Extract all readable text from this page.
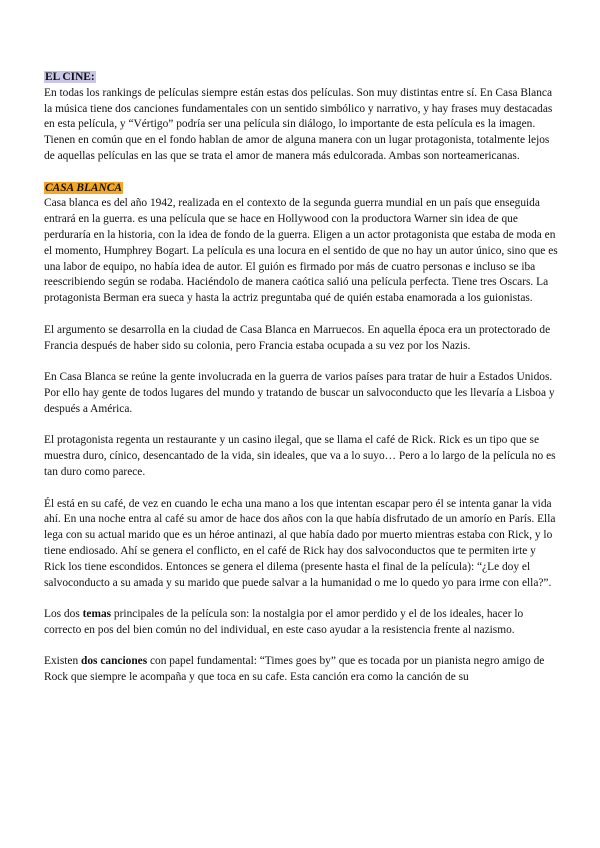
EL CINE:

En todas los rankings de películas siempre están estas dos películas. Son muy distintas entre sí. En Casa Blanca la música tiene dos canciones fundamentales con un sentido simbólico y narrativo, y hay frases muy destacadas en esta película, y “Vértigo” podría ser una película sin diálogo, lo importante de esta película es la imagen.

Tienen en común que en el fondo hablan de amor de alguna manera con un lugar protagonista, totalmente lejos de aquellas películas en las que se trata el amor de manera más edulcorada. Ambas son norteamericanas.

CASA BLANCA

Casa blanca es del año 1942, realizada en el contexto de la segunda guerra mundial en un país que enseguida entrará en la guerra. es una película que se hace en Hollywood con la productora Warner sin idea de que perduraría en la historia, con la idea de fondo de la guerra. Eligen a un actor protagonista que estaba de moda en el momento, Humphrey Bogart. La película es una locura en el sentido de que no hay un autor único, sino que es una labor de equipo, no había idea de autor. El guión es firmado por más de cuatro personas e incluso se iba reescribiendo según se rodaba. Haciéndolo de manera caótica salió una película perfecta. Tiene tres Oscars. La protagonista Berman era sueca y hasta la actriz preguntaba qué de quién estaba enamorada a los guionistas.

El argumento se desarrolla en la ciudad de Casa Blanca en Marruecos. En aquella época era un protectorado de Francia después de haber sido su colonia, pero Francia estaba ocupada a su vez por los Nazis.

En Casa Blanca se reúne la gente involucrada en la guerra de varios países para tratar de huir a Estados Unidos. Por ello hay gente de todos lugares del mundo y tratando de buscar un salvoconducto que les llevaría a Lisboa y después a América.

El protagonista regenta un restaurante y un casino ilegal, que se llama el café de Rick. Rick es un tipo que se muestra duro, cínico, desencantado de la vida, sin ideales, que va a lo suyo… Pero a lo largo de la película no es tan duro como parece.

Él está en su café, de vez en cuando le echa una mano a los que intentan escapar pero él se intenta ganar la vida ahí. En una noche entra al café su amor de hace dos años con la que había disfrutado de un amorío en París. Ella lega con su actual marido que es un héroe antinazi, al que había dado por muerto mientras estaba con Rick, y lo tiene endiosado. Ahí se genera el conflicto, en el café de Rick hay dos salvoconductos que te permiten irte y Rick los tiene escondidos. Entonces se genera el dilema (presente hasta el final de la película): “¿Le doy el salvoconducto a su amada y su marido que puede salvar a la humanidad o me lo quedo yo para irme con ella?”.

Los dos temas principales de la película son: la nostalgia por el amor perdido y el de los ideales, hacer lo correcto en pos del bien común no del individual, en este caso ayudar a la resistencia frente al nazismo.

Existen dos canciones con papel fundamental: “Times goes by” que es tocada por un pianista negro amigo de Rock que siempre le acompaña y que toca en su cafe. Esta canción era como la canción de su
